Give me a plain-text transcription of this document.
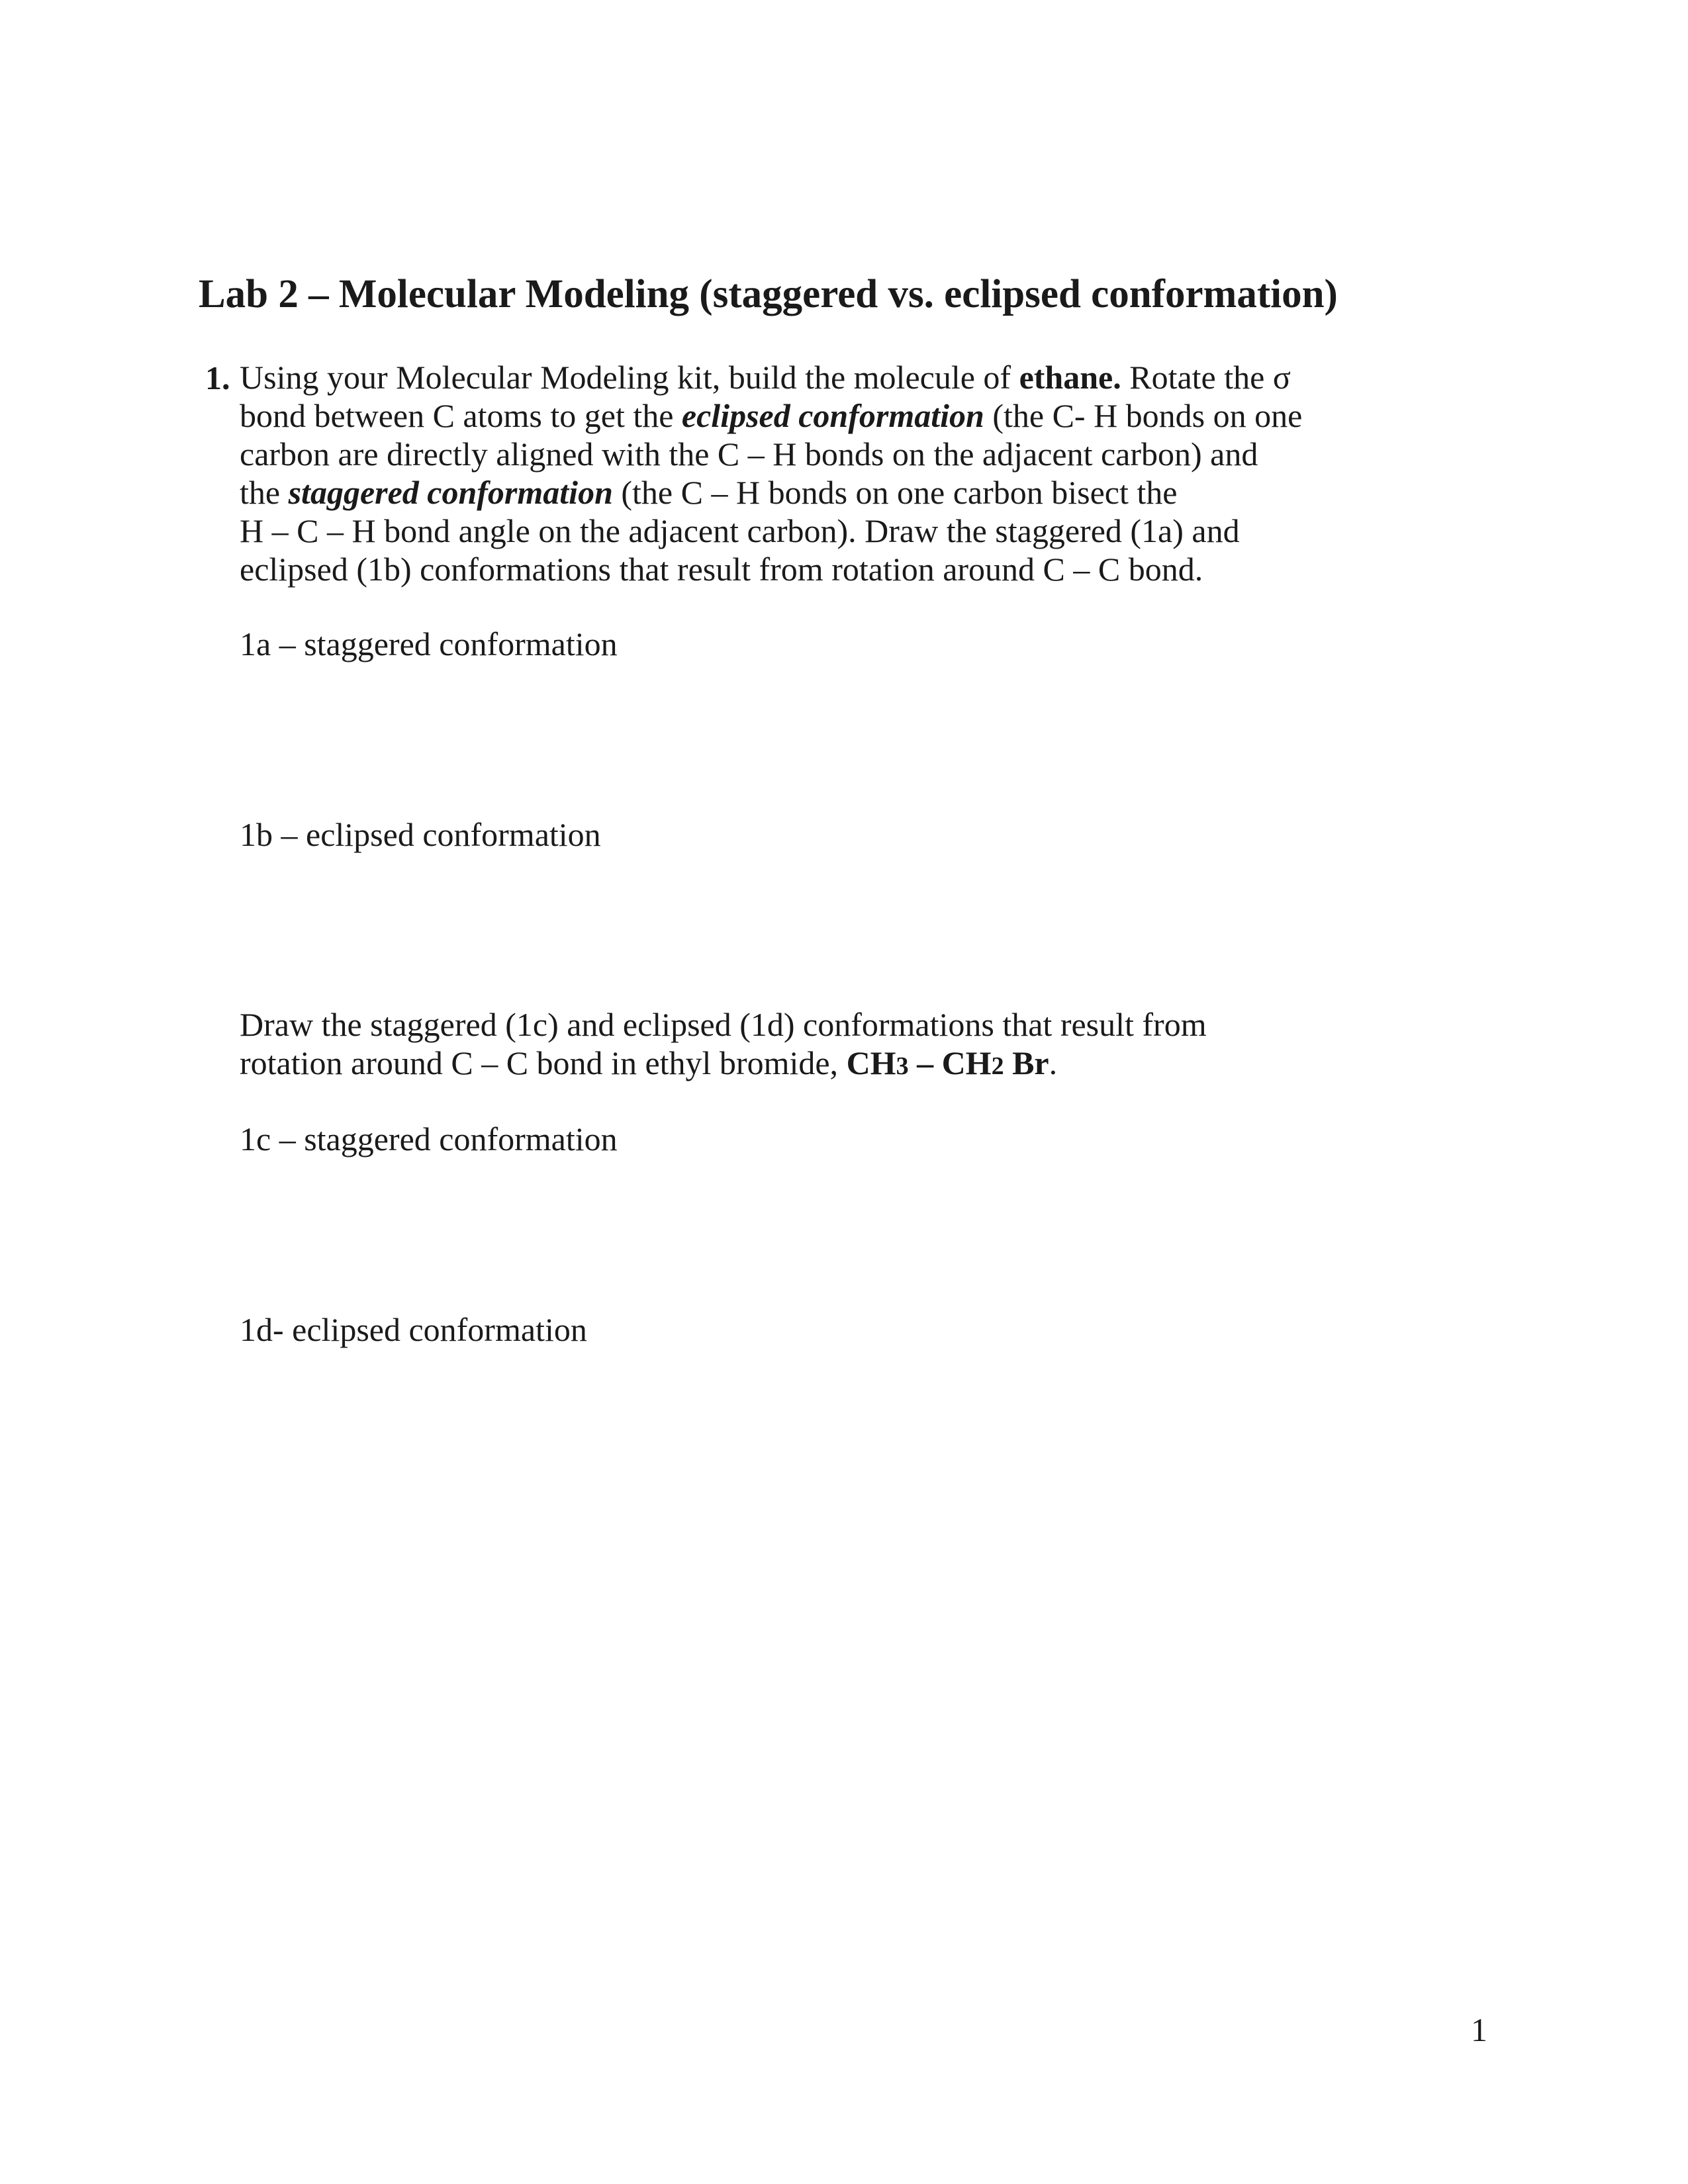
Lab 2 – Molecular Modeling (staggered vs. eclipsed conformation)
1. Using your Molecular Modeling kit, build the molecule of ethane. Rotate the σ
bond between C atoms to get the eclipsed conformation (the C- H bonds on one
carbon are directly aligned with the C – H bonds on the adjacent carbon) and
the staggered conformation (the C – H bonds on one carbon bisect the
H – C – H bond angle on the adjacent carbon). Draw the staggered (1a) and
eclipsed (1b) conformations that result from rotation around C – C bond.
1a – staggered conformation
1b – eclipsed conformation
Draw the staggered (1c) and eclipsed (1d) conformations that result from
rotation around C – C bond in ethyl bromide, CH3 – CH2 Br.
1c – staggered conformation
1d- eclipsed conformation
1
